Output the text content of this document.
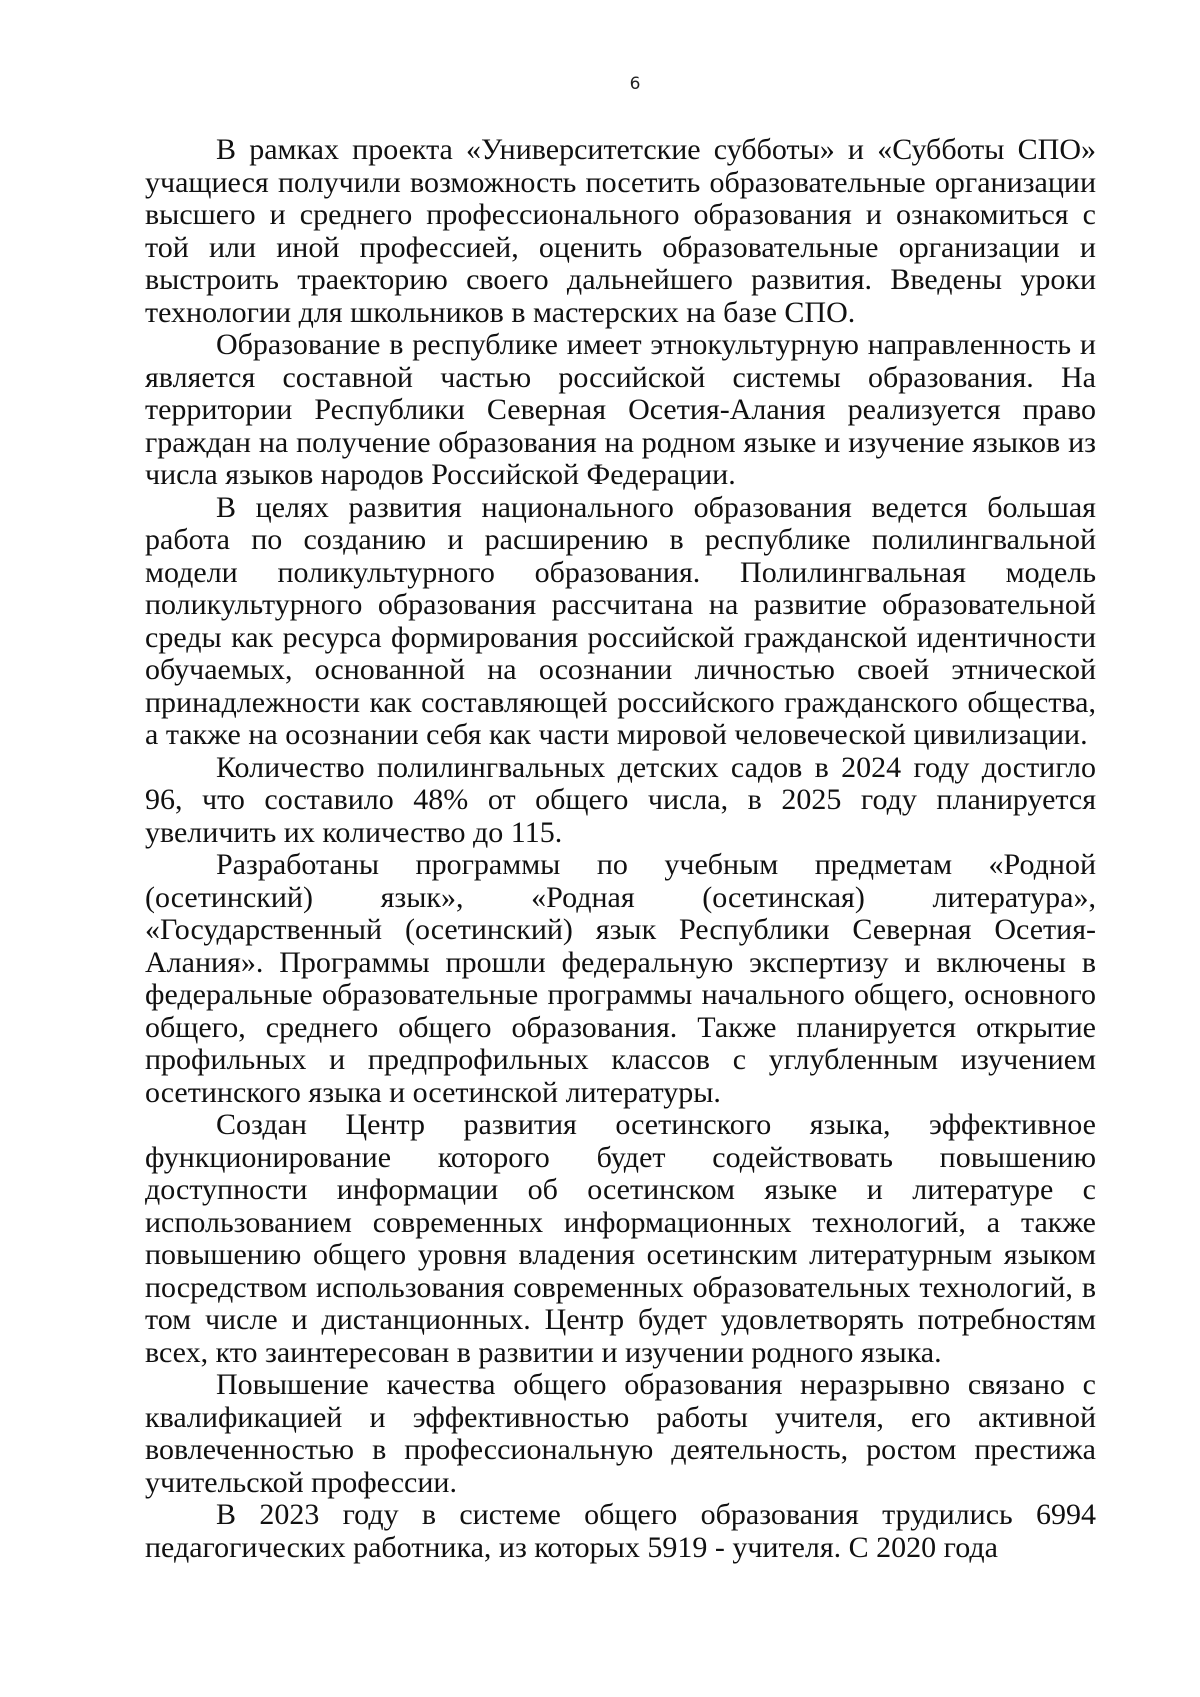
6

В рамках проекта «Университетские субботы» и «Субботы СПО» учащиеся получили возможность посетить образовательные организации высшего и среднего профессионального образования и ознакомиться с той или иной профессией, оценить образовательные организации и выстроить траекторию своего дальнейшего развития. Введены уроки технологии для школьников в мастерских на базе СПО.

Образование в республике имеет этнокультурную направленность и является составной частью российской системы образования. На территории Республики Северная Осетия-Алания реализуется право граждан на получение образования на родном языке и изучение языков из числа языков народов Российской Федерации.

В целях развития национального образования ведется большая работа по созданию и расширению в республике полилингвальной модели поликультурного образования. Полилингвальная модель поликультурного образования рассчитана на развитие образовательной среды как ресурса формирования российской гражданской идентичности обучаемых, основанной на осознании личностью своей этнической принадлежности как составляющей российского гражданского общества, а также на осознании себя как части мировой человеческой цивилизации.

Количество полилингвальных детских садов в 2024 году достигло 96, что составило 48% от общего числа, в 2025 году планируется увеличить их количество до 115.

Разработаны программы по учебным предметам «Родной (осетинский) язык», «Родная (осетинская) литература», «Государственный (осетинский) язык Республики Северная Осетия-Алания». Программы прошли федеральную экспертизу и включены в федеральные образовательные программы начального общего, основного общего, среднего общего образования. Также планируется открытие профильных и предпрофильных классов с углубленным изучением осетинского языка и осетинской литературы.

Создан Центр развития осетинского языка, эффективное функционирование которого будет содействовать повышению доступности информации об осетинском языке и литературе с использованием современных информационных технологий, а также повышению общего уровня владения осетинским литературным языком посредством использования современных образовательных технологий, в том числе и дистанционных. Центр будет удовлетворять потребностям всех, кто заинтересован в развитии и изучении родного языка.

Повышение качества общего образования неразрывно связано с квалификацией и эффективностью работы учителя, его активной вовлеченностью в профессиональную деятельность, ростом престижа учительской профессии.

В 2023 году в системе общего образования трудились 6994 педагогических работника, из которых 5919 - учителя. С 2020 года
